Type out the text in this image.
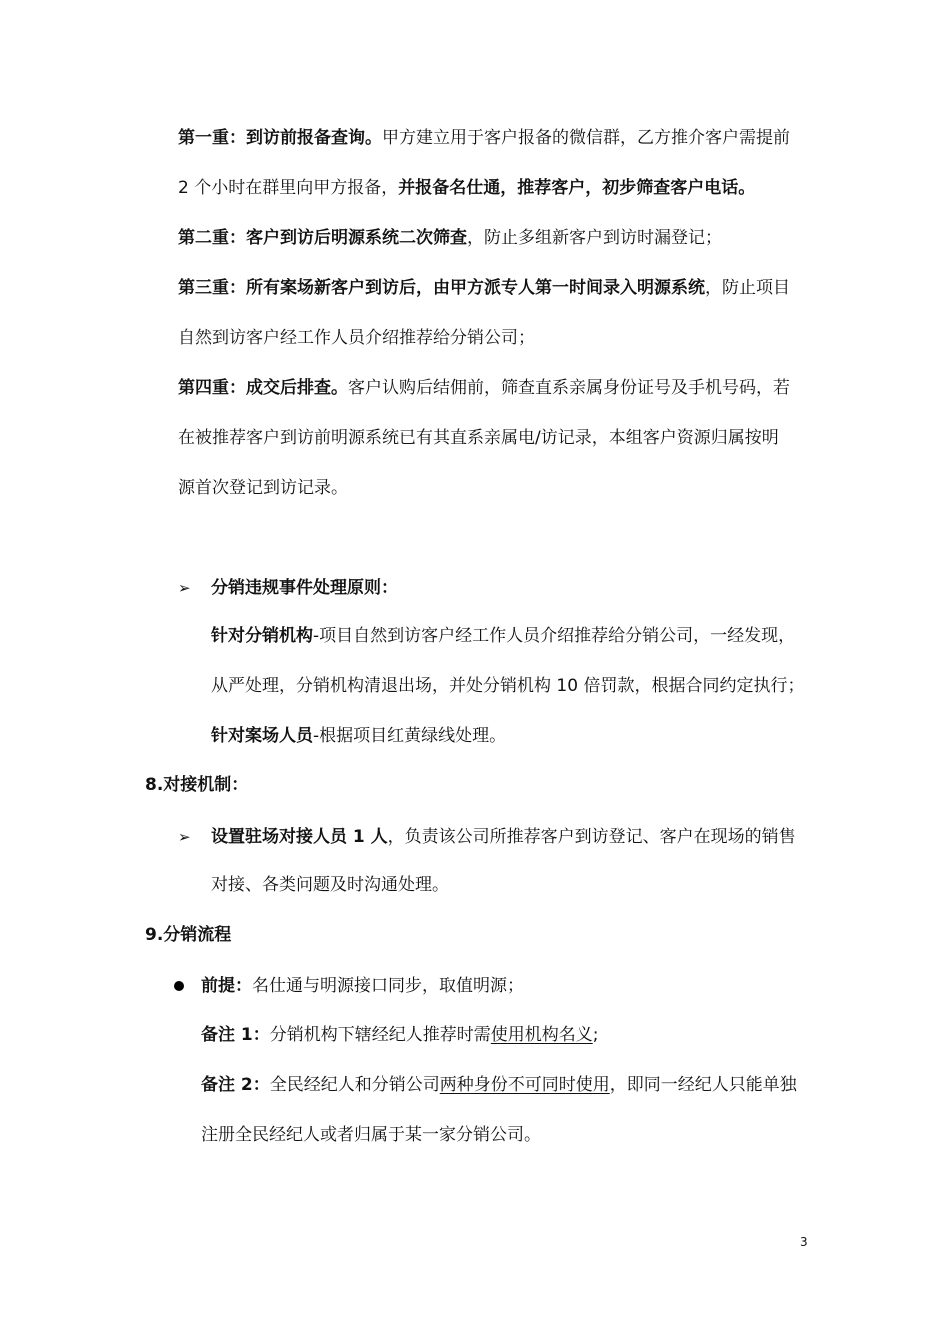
第一重：到访前报备查询。甲方建立用于客户报备的微信群，乙方推介客户需提前
2 个小时在群里向甲方报备，并报备名仕通，推荐客户，初步筛查客户电话。
第二重：客户到访后明源系统二次筛查，防止多组新客户到访时漏登记；
第三重：所有案场新客户到访后，由甲方派专人第一时间录入明源系统，防止项目
自然到访客户经工作人员介绍推荐给分销公司；
第四重：成交后排查。客户认购后结佣前，筛查直系亲属身份证号及手机号码，若
在被推荐客户到访前明源系统已有其直系亲属电/访记录，本组客户资源归属按明
源首次登记到访记录。
➢ 分销违规事件处理原则：
针对分销机构-项目自然到访客户经工作人员介绍推荐给分销公司，一经发现，
从严处理，分销机构清退出场，并处分销机构 10 倍罚款，根据合同约定执行；
针对案场人员-根据项目红黄绿线处理。
8.对接机制：
➢ 设置驻场对接人员 1 人，负责该公司所推荐客户到访登记、客户在现场的销售
对接、各类问题及时沟通处理。
9.分销流程
前提：名仕通与明源接口同步，取值明源；
备注 1：分销机构下辖经纪人推荐时需使用机构名义;
备注 2：全民经纪人和分销公司两种身份不可同时使用，即同一经纪人只能单独
注册全民经纪人或者归属于某一家分销公司。
3
